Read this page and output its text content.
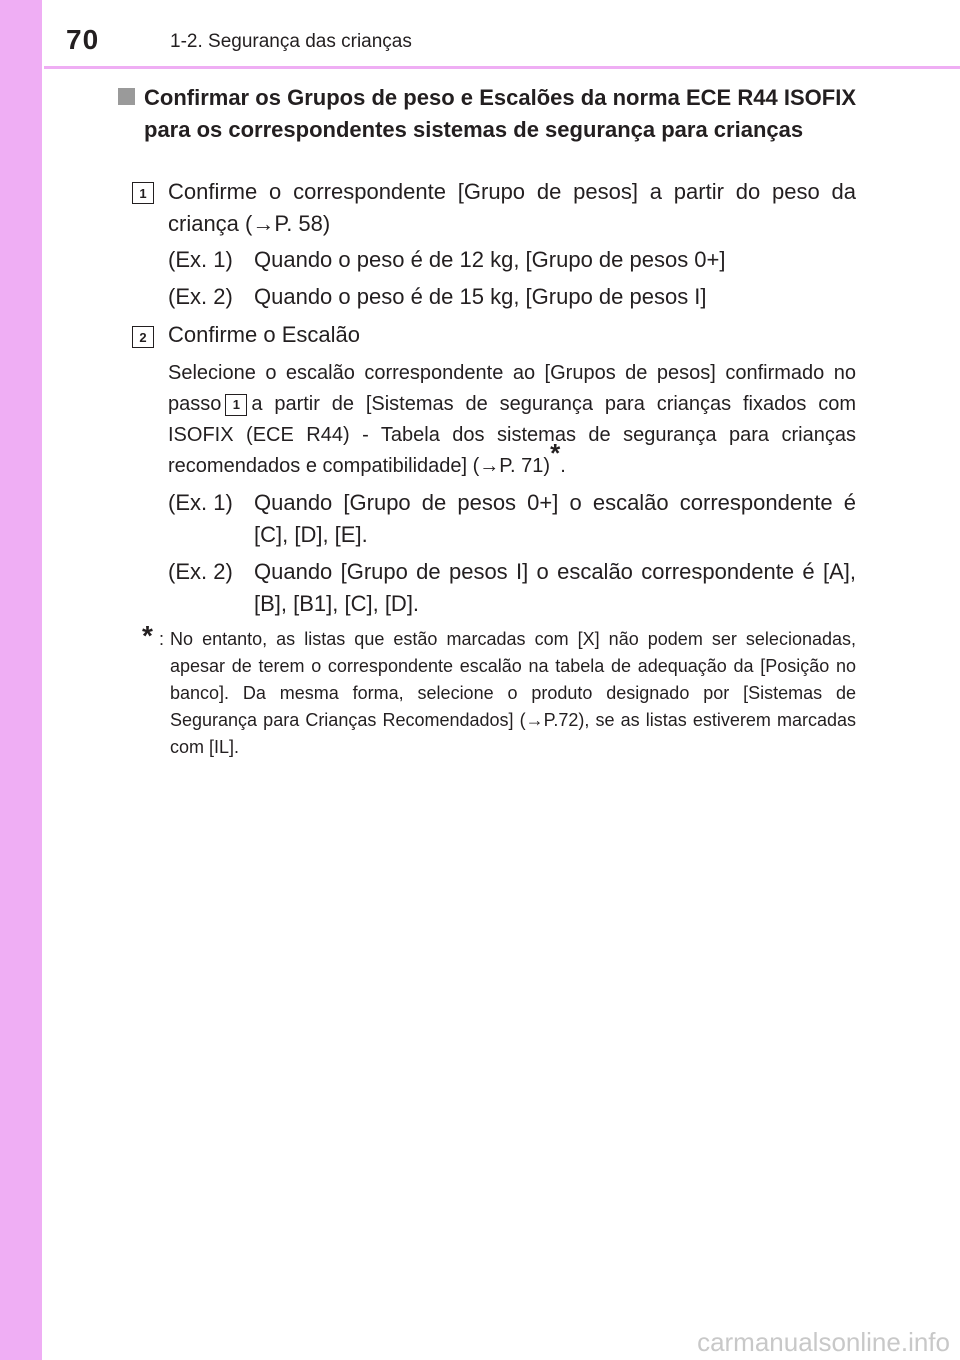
70	1-2. Segurança das crianças
Confirmar os Grupos de peso e Escalões da norma ECE R44 ISOFIX para os correspondentes sistemas de segurança para crianças
1 Confirme o correspondente [Grupo de pesos] a partir do peso da criança (→P. 58)
(Ex. 1) Quando o peso é de 12 kg, [Grupo de pesos 0+]
(Ex. 2) Quando o peso é de 15 kg, [Grupo de pesos I]
2 Confirme o Escalão
Selecione o escalão correspondente ao [Grupos de pesos] confirmado no passo 1 a partir de [Sistemas de segurança para crianças fixados com ISOFIX (ECE R44) - Tabela dos sistemas de segurança para crianças recomendados e compatibilidade] (→P. 71)*.
(Ex. 1) Quando [Grupo de pesos 0+] o escalão correspondente é [C], [D], [E].
(Ex. 2) Quando [Grupo de pesos I] o escalão correspondente é [A], [B], [B1], [C], [D].
* : No entanto, as listas que estão marcadas com [X] não podem ser selecionadas, apesar de terem o correspondente escalão na tabela de adequação da [Posição no banco]. Da mesma forma, selecione o produto designado por [Sistemas de Segurança para Crianças Recomendados] (→P.72), se as listas estiverem marcadas com [IL].
carmanualsonline.info
